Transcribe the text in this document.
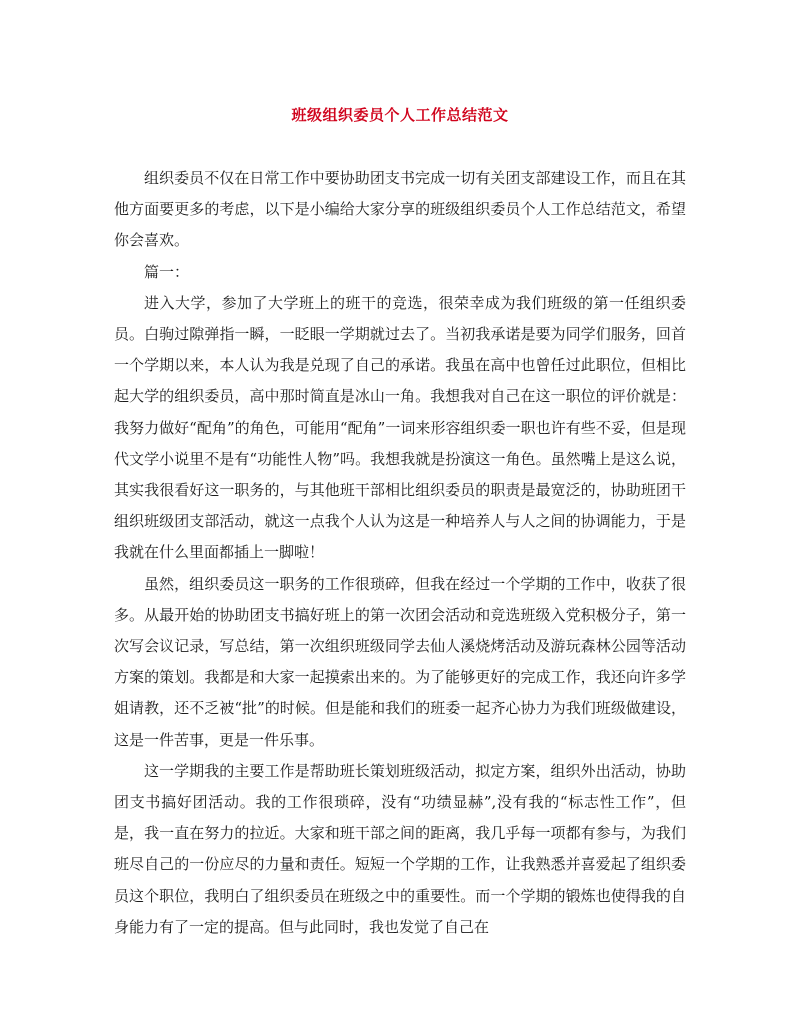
班级组织委员个人工作总结范文

组织委员不仅在日常工作中要协助团支书完成一切有关团支部建设工作，而且在其他方面要更多的考虑，以下是小编给大家分享的班级组织委员个人工作总结范文，希望你会喜欢。

篇一：

进入大学，参加了大学班上的班干的竞选，很荣幸成为我们班级的第一任组织委员。白驹过隙弹指一瞬，一眨眼一学期就过去了。当初我承诺是要为同学们服务，回首一个学期以来，本人认为我是兑现了自己的承诺。我虽在高中也曾任过此职位，但相比起大学的组织委员，高中那时简直是冰山一角。我想我对自己在这一职位的评价就是：我努力做好“配角”的角色，可能用“配角”一词来形容组织委一职也许有些不妥，但是现代文学小说里不是有“功能性人物”吗。我想我就是扮演这一角色。虽然嘴上是这么说，其实我很看好这一职务的，与其他班干部相比组织委员的职责是最宽泛的，协助班团干组织班级团支部活动，就这一点我个人认为这是一种培养人与人之间的协调能力，于是我就在什么里面都插上一脚啦！

虽然，组织委员这一职务的工作很琐碎，但我在经过一个学期的工作中，收获了很多。从最开始的协助团支书搞好班上的第一次团会活动和竞选班级入党积极分子，第一次写会议记录，写总结，第一次组织班级同学去仙人溪烧烤活动及游玩森林公园等活动方案的策划。我都是和大家一起摸索出来的。为了能够更好的完成工作，我还向许多学姐请教，还不乏被“批”的时候。但是能和我们的班委一起齐心协力为我们班级做建设，这是一件苦事，更是一件乐事。

这一学期我的主要工作是帮助班长策划班级活动，拟定方案，组织外出活动，协助团支书搞好团活动。我的工作很琐碎，没有“功绩显赫”,没有我的“标志性工作”，但是，我一直在努力的拉近。大家和班干部之间的距离，我几乎每一项都有参与，为我们班尽自己的一份应尽的力量和责任。短短一个学期的工作，让我熟悉并喜爱起了组织委员这个职位，我明白了组织委员在班级之中的重要性。而一个学期的锻炼也使得我的自身能力有了一定的提高。但与此同时，我也发觉了自己在
